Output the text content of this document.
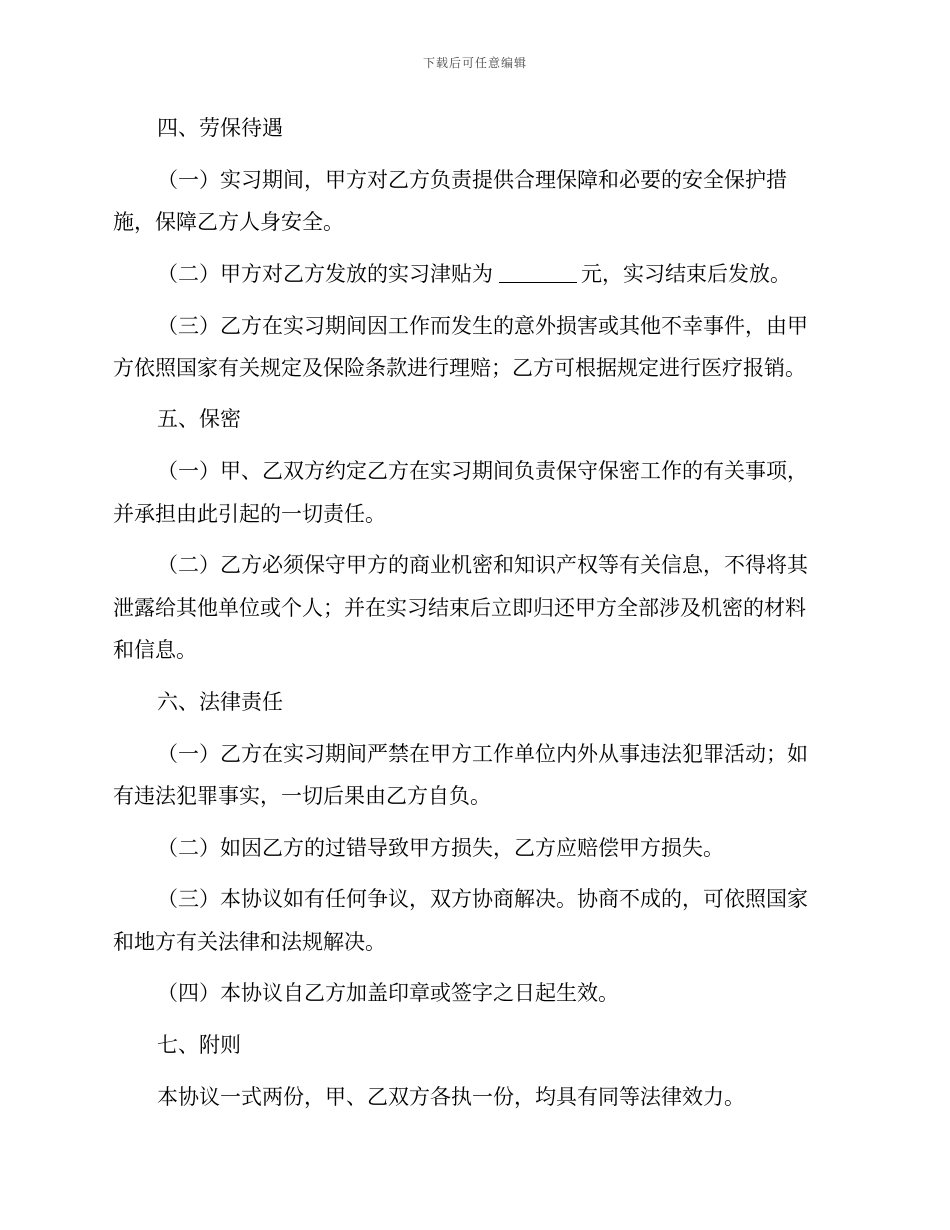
下载后可任意编辑
四、劳保待遇
（一）实习期间，甲方对乙方负责提供合理保障和必要的安全保护措
施，保障乙方人身安全。
（二）甲方对乙方发放的实习津贴为	元，实习结束后发放。
（三）乙方在实习期间因工作而发生的意外损害或其他不幸事件，由甲
方依照国家有关规定及保险条款进行理赔；乙方可根据规定进行医疗报销。
五、保密
（一）甲、乙双方约定乙方在实习期间负责保守保密工作的有关事项，
并承担由此引起的一切责任。
（二）乙方必须保守甲方的商业机密和知识产权等有关信息，不得将其
泄露给其他单位或个人；并在实习结束后立即归还甲方全部涉及机密的材料
和信息。
六、法律责任
（一）乙方在实习期间严禁在甲方工作单位内外从事违法犯罪活动；如
有违法犯罪事实，一切后果由乙方自负。
（二）如因乙方的过错导致甲方损失，乙方应赔偿甲方损失。
（三）本协议如有任何争议，双方协商解决。协商不成的，可依照国家
和地方有关法律和法规解决。
（四）本协议自乙方加盖印章或签字之日起生效。
七、附则
本协议一式两份，甲、乙双方各执一份，均具有同等法律效力。
